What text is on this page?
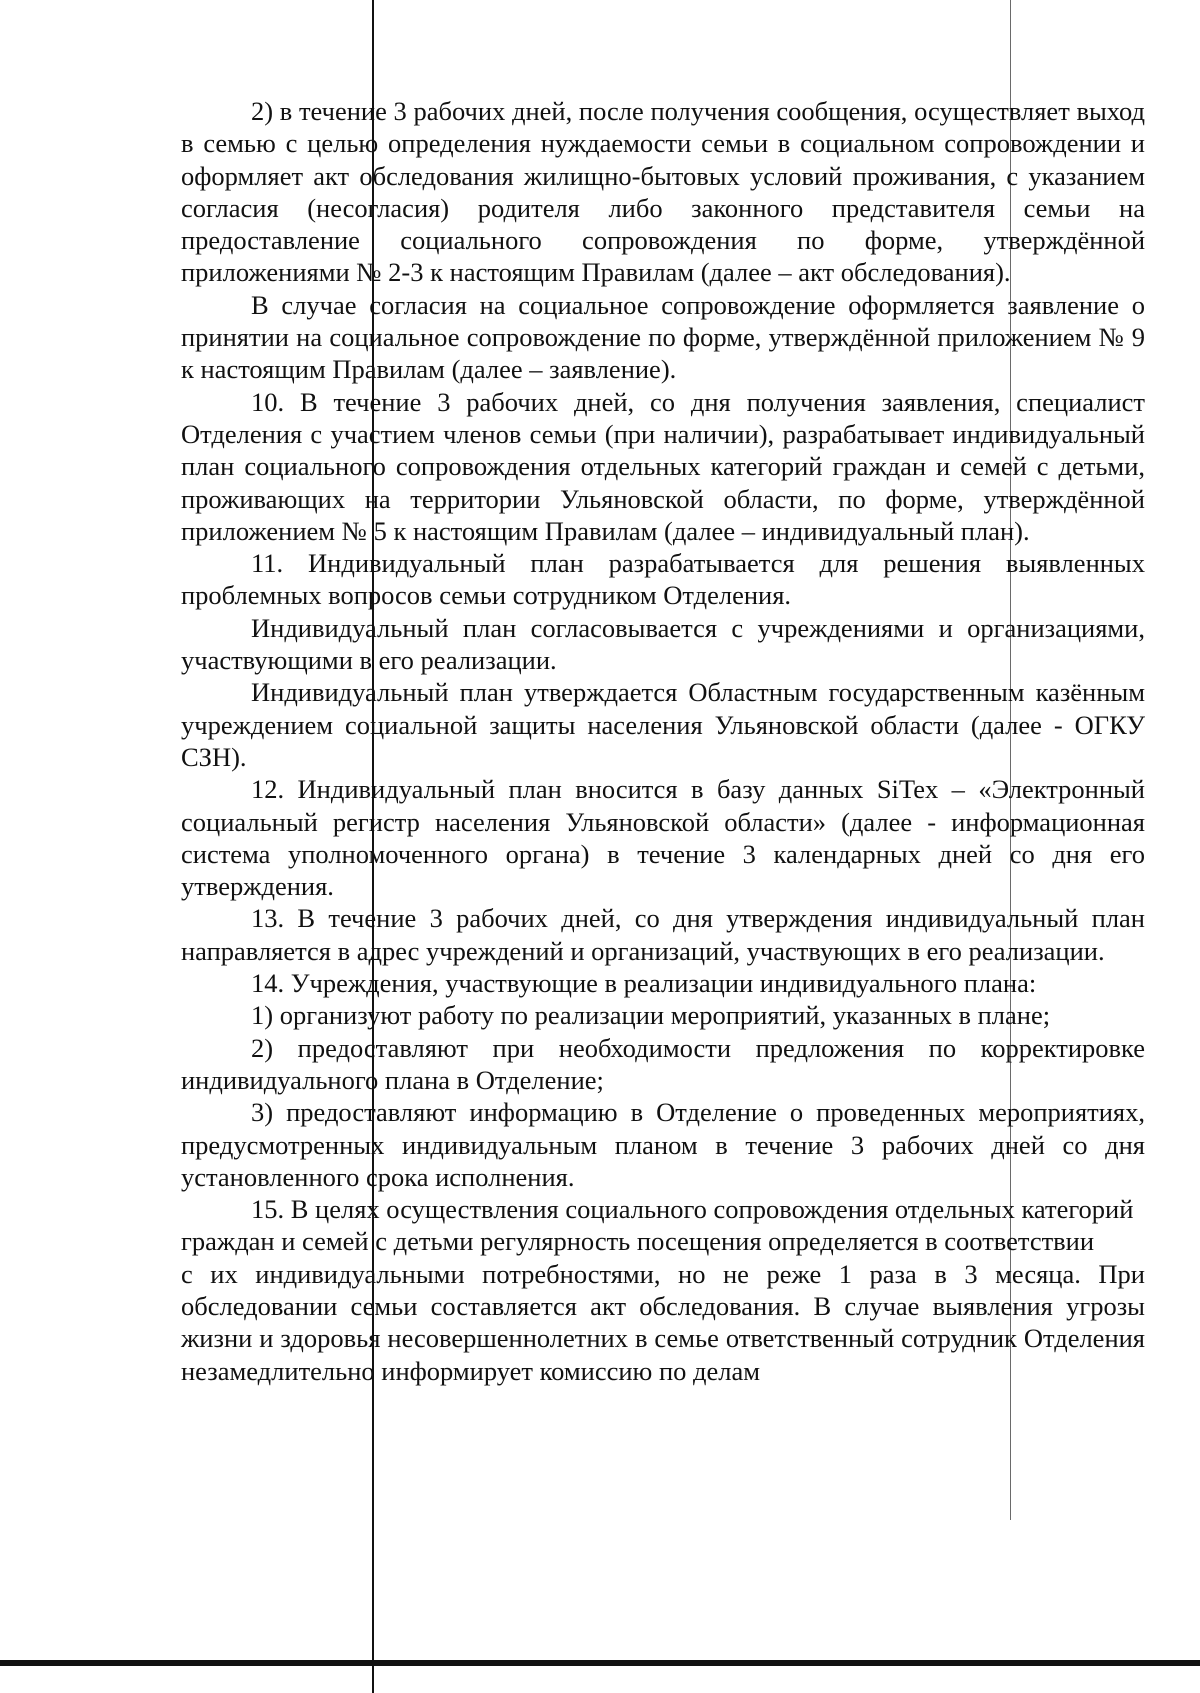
2) в течение 3 рабочих дней, после получения сообщения, осуществляет выход в семью с целью определения нуждаемости семьи в социальном сопровождении и оформляет акт обследования жилищно-бытовых условий проживания, с указанием согласия (несогласия) родителя либо законного представителя семьи на предоставление социального сопровождения по форме, утверждённой приложениями № 2-3 к настоящим Правилам (далее – акт обследования).

В случае согласия на социальное сопровождение оформляется заявление о принятии на социальное сопровождение по форме, утверждённой приложением № 9 к настоящим Правилам (далее – заявление).

10. В течение 3 рабочих дней, со дня получения заявления, специалист Отделения с участием членов семьи (при наличии), разрабатывает индивидуальный план социального сопровождения отдельных категорий граждан и семей с детьми, проживающих на территории Ульяновской области, по форме, утверждённой приложением № 5 к настоящим Правилам (далее – индивидуальный план).

11. Индивидуальный план разрабатывается для решения выявленных проблемных вопросов семьи сотрудником Отделения.

Индивидуальный план согласовывается с учреждениями и организациями, участвующими в его реализации.

Индивидуальный план утверждается Областным государственным казённым учреждением социальной защиты населения Ульяновской области (далее - ОГКУ СЗН).

12. Индивидуальный план вносится в базу данных SiTex – «Электронный социальный регистр населения Ульяновской области» (далее - информационная система уполномоченного органа) в течение 3 календарных дней со дня его утверждения.

13. В течение 3 рабочих дней, со дня утверждения индивидуальный план направляется в адрес учреждений и организаций, участвующих в его реализации.

14. Учреждения, участвующие в реализации индивидуального плана:

1) организуют работу по реализации мероприятий, указанных в плане;

2) предоставляют при необходимости предложения по корректировке индивидуального плана в Отделение;

3) предоставляют информацию в Отделение о проведенных мероприятиях, предусмотренных индивидуальным планом в течение 3 рабочих дней со дня установленного срока исполнения.

15. В целях осуществления социального сопровождения отдельных категорий граждан и семей с детьми регулярность посещения определяется в соответствии

с их индивидуальными потребностями, но не реже 1 раза в 3 месяца. При обследовании семьи составляется акт обследования. В случае выявления угрозы жизни и здоровья несовершеннолетних в семье ответственный сотрудник Отделения незамедлительно информирует комиссию по делам
